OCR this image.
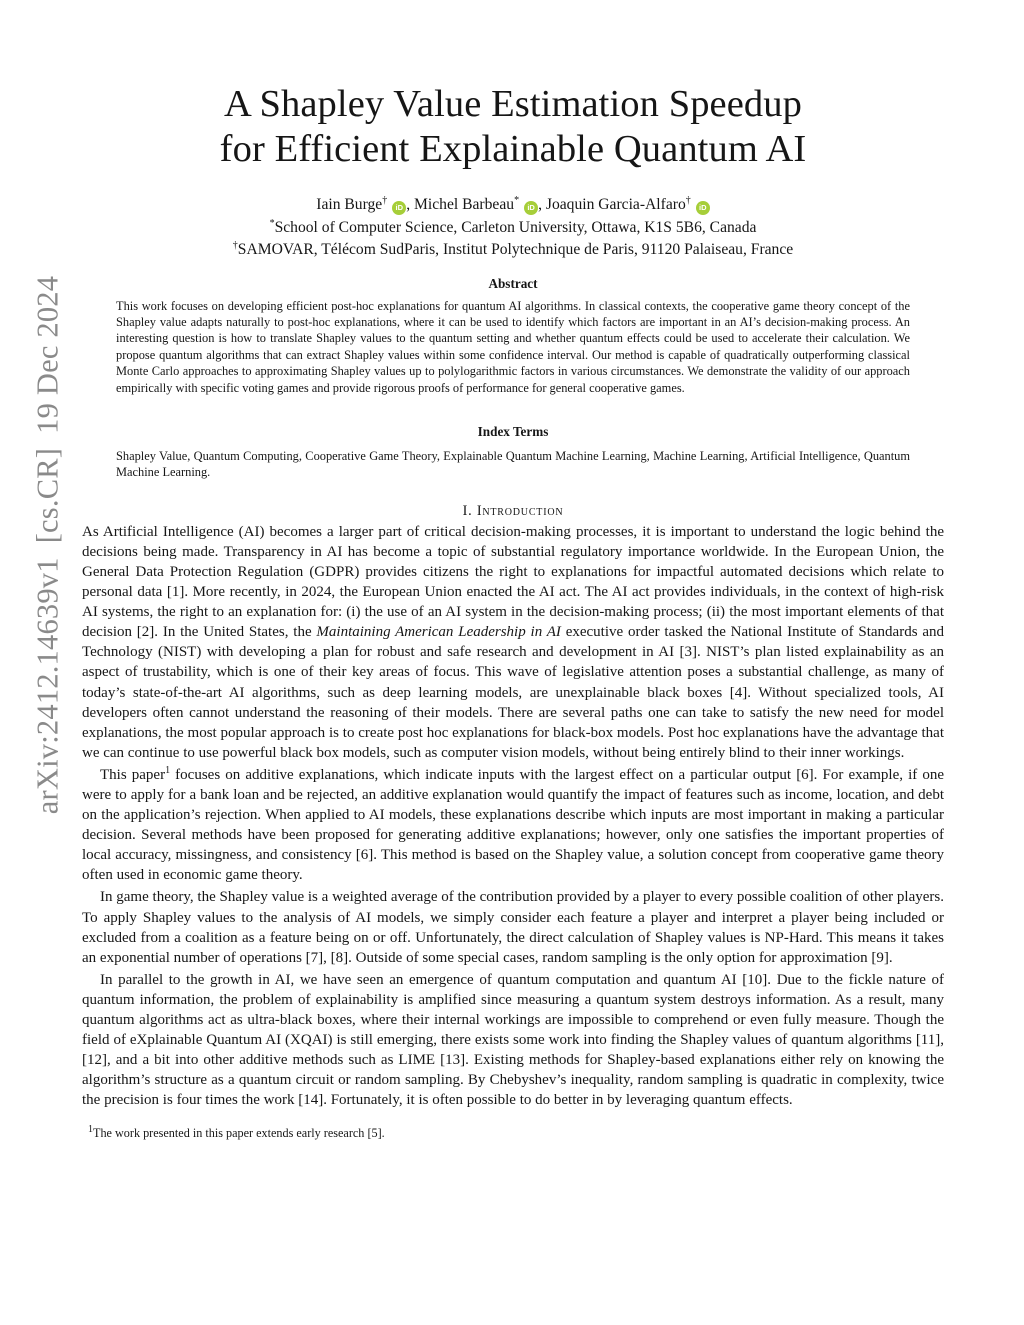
arXiv:2412.14639v1[cs.CR]19 Dec 2024
A Shapley Value Estimation Speedup
for Efficient Explainable Quantum AI
Iain Burge†iD , Michel Barbeau*iD , Joaquin Garcia-Alfaro†iD
*School of Computer Science, Carleton University, Ottawa, K1S 5B6, Canada
†SAMOVAR, Télécom SudParis, Institut Polytechnique de Paris, 91120 Palaiseau, France
Abstract

This work focuses on developing efficient post-hoc explanations for quantum AI algorithms. In classical contexts, the cooperative game theory concept of the Shapley value adapts naturally to post-hoc explanations, where it can be used to identify which factors are important in an AI’s decision-making process. An interesting question is how to translate Shapley values to the quantum setting and whether quantum effects could be used to accelerate their calculation. We propose quantum algorithms that can extract Shapley values within some confidence interval. Our method is capable of quadratically outperforming classical Monte Carlo approaches to approximating Shapley values up to polylogarithmic factors in various circumstances. We demonstrate the validity of our approach empirically with specific voting games and provide rigorous proofs of performance for general cooperative games.

Index Terms

Shapley Value, Quantum Computing, Cooperative Game Theory, Explainable Quantum Machine Learning, Machine Learning, Artificial Intelligence, Quantum Machine Learning.

I. Introduction

As Artificial Intelligence (AI) becomes a larger part of critical decision-making processes, it is important to understand the logic behind the decisions being made. Transparency in AI has become a topic of substantial regulatory importance worldwide. In the European Union, the General Data Protection Regulation (GDPR) provides citizens the right to explanations for impactful automated decisions which relate to personal data [1]. More recently, in 2024, the European Union enacted the AI act. The AI act provides individuals, in the context of high-risk AI systems, the right to an explanation for: (i) the use of an AI system in the decision-making process; (ii) the most important elements of that decision [2]. In the United States, the Maintaining American Leadership in AI executive order tasked the National Institute of Standards and Technology (NIST) with developing a plan for robust and safe research and development in AI [3]. NIST’s plan listed explainability as an aspect of trustability, which is one of their key areas of focus. This wave of legislative attention poses a substantial challenge, as many of today’s state-of-the-art AI algorithms, such as deep learning models, are unexplainable black boxes [4]. Without specialized tools, AI developers often cannot understand the reasoning of their models. There are several paths one can take to satisfy the new need for model explanations, the most popular approach is to create post hoc explanations for black-box models. Post hoc explanations have the advantage that we can continue to use powerful black box models, such as computer vision models, without being entirely blind to their inner workings.

This paper$^1$ focuses on additive explanations, which indicate inputs with the largest effect on a particular output [6]. For example, if one were to apply for a bank loan and be rejected, an additive explanation would quantify the impact of features such as income, location, and debt on the application’s rejection. When applied to AI models, these explanations describe which inputs are most important in making a particular decision. Several methods have been proposed for generating additive explanations; however, only one satisfies the important properties of local accuracy, missingness, and consistency [6]. This method is based on the Shapley value, a solution concept from cooperative game theory often used in economic game theory.

In game theory, the Shapley value is a weighted average of the contribution provided by a player to every possible coalition of other players. To apply Shapley values to the analysis of AI models, we simply consider each feature a player and interpret a player being included or excluded from a coalition as a feature being on or off. Unfortunately, the direct calculation of Shapley values is NP-Hard. This means it takes an exponential number of operations [7], [8]. Outside of some special cases, random sampling is the only option for approximation [9].

In parallel to the growth in AI, we have seen an emergence of quantum computation and quantum AI [10]. Due to the fickle nature of quantum information, the problem of explainability is amplified since measuring a quantum system destroys information. As a result, many quantum algorithms act as ultra-black boxes, where their internal workings are impossible to comprehend or even fully measure. Though the field of eXplainable Quantum AI (XQAI) is still emerging, there exists some work into finding the Shapley values of quantum algorithms [11], [12], and a bit into other additive methods such as LIME [13]. Existing methods for Shapley-based explanations either rely on knowing the algorithm’s structure as a quantum circuit or random sampling. By Chebyshev’s inequality, random sampling is quadratic in complexity, twice the precision is four times the work [14]. Fortunately, it is often possible to do better in by leveraging quantum effects.

$^1$The work presented in this paper extends early research [5].
